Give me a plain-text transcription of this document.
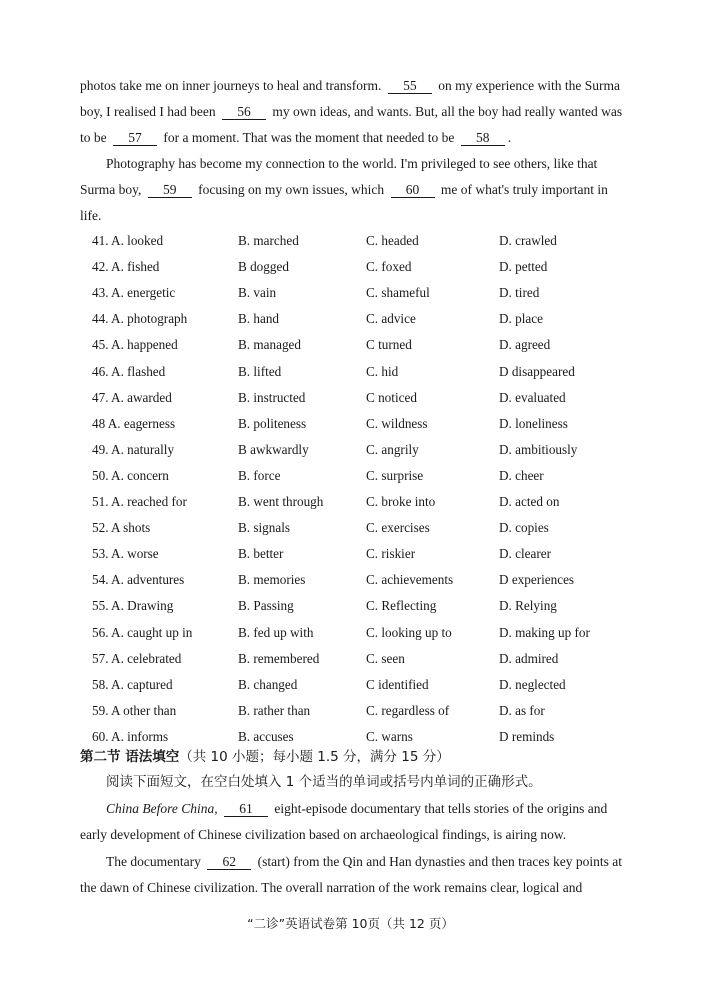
photos take me on inner journeys to heal and transform. 55 on my experience with the Surma
boy, I realised I had been 56 my own ideas, and wants. But, all the boy had really wanted was
to be 57 for a moment. That was the moment that needed to be 58 .
Photography has become my connection to the world. I'm privileged to see others, like that
Surma boy, 59 focusing on my own issues, which 60 me of what's truly important in
life.
41. A. looked	B. marched	C. headed	D. crawled
42. A. fished	B dogged	C. foxed	D. petted
43. A. energetic	B. vain	C. shameful	D. tired
44. A. photograph	B. hand	C. advice	D. place
45. A. happened	B. managed	C turned	D. agreed
46. A. flashed	B. lifted	C. hid	D disappeared
47. A. awarded	B. instructed	C noticed	D. evaluated
48 A. eagerness	B. politeness	C. wildness	D. loneliness
49. A. naturally	B awkwardly	C. angrily	D. ambitiously
50. A. concern	B. force	C. surprise	D. cheer
51. A. reached for	B. went through	C. broke into	D. acted on
52. A shots	B. signals	C. exercises	D. copies
53. A. worse	B. better	C. riskier	D. clearer
54. A. adventures	B. memories	C. achievements	D experiences
55. A. Drawing	B. Passing	C. Reflecting	D. Relying
56. A. caught up in	B. fed up with	C. looking up to	D. making up for
57. A. celebrated	B. remembered	C. seen	D. admired
58. A. captured	B. changed	C identified	D. neglected
59. A other than	B. rather than	C. regardless of	D. as for
60. A. informs	B. accuses	C. warns	D reminds
第二节 语法填空（共 10 小题；每小题 1.5 分，满分 15 分）
阅读下面短文，在空白处填入 1 个适当的单词或括号内单词的正确形式。
China Before China, 61 eight-episode documentary that tells stories of the origins and
early development of Chinese civilization based on archaeological findings, is airing now.
The documentary 62 (start) from the Qin and Han dynasties and then traces key points at
the dawn of Chinese civilization. The overall narration of the work remains clear, logical and
“二诊”英语试卷第 10页（共 12 页）
